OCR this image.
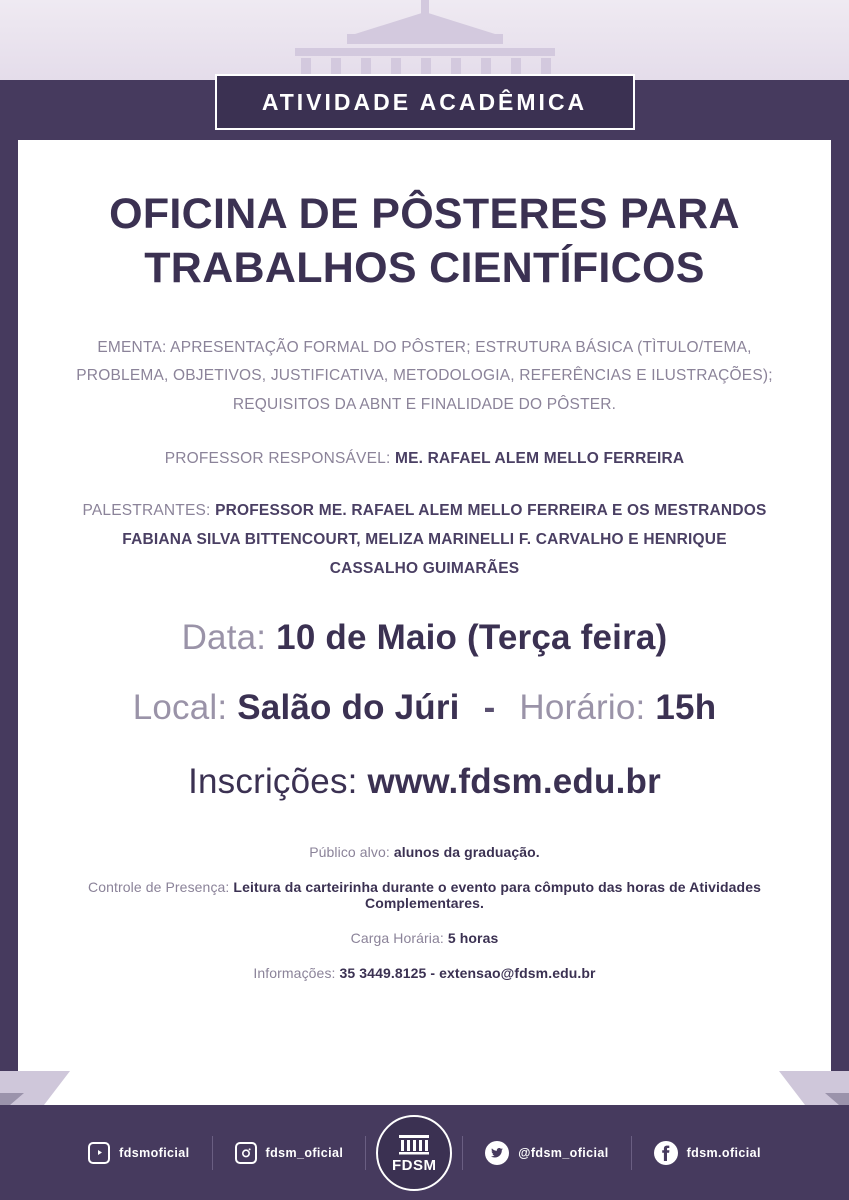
ATIVIDADE ACADÊMICA
OFICINA DE PÔSTERES PARA
TRABALHOS CIENTÍFICOS
EMENTA: APRESENTAÇÃO FORMAL DO PÔSTER; ESTRUTURA BÁSICA (TÌTULO/TEMA, PROBLEMA, OBJETIVOS, JUSTIFICATIVA, METODOLOGIA, REFERÊNCIAS E ILUSTRAÇÕES); REQUISITOS DA ABNT E FINALIDADE DO PÔSTER.
PROFESSOR RESPONSÁVEL: ME. RAFAEL ALEM MELLO FERREIRA
PALESTRANTES: PROFESSOR ME. RAFAEL ALEM MELLO FERREIRA E OS MESTRANDOS FABIANA SILVA BITTENCOURT, MELIZA MARINELLI F. CARVALHO E HENRIQUE CASSALHO GUIMARÃES
Data: 10 de Maio (Terça feira)
Local: Salão do Júri - Horário: 15h
Inscrições: www.fdsm.edu.br
Público alvo: alunos da graduação.
Controle de Presença: Leitura da carteirinha durante o evento para cômputo das horas de Atividades Complementares.
Carga Horária: 5 horas
Informações: 35 3449.8125 - extensao@fdsm.edu.br
fdsmoficial	fdsm_oficial
FDSM
@fdsm_oficial	fdsm.oficial
